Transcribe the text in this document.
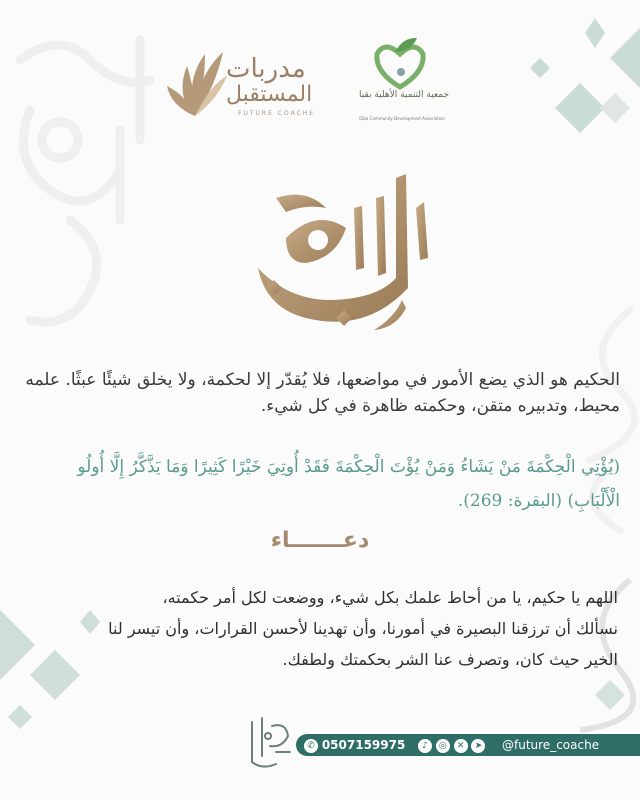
مدربات
المستقبل
FUTURE COACHE
جمعية التنمية الأهلية بقبا
Qiba Community Development Association
الحكيم
الحكيم هو الذي يضع الأمور في مواضعها، فلا يُقدّر إلا لحكمة، ولا يخلق شيئًا عبثًا. علمه محيط، وتدبيره متقن، وحكمته ظاهرة في كل شيء.
(يُؤْتِي الْحِكْمَةَ مَنْ يَشَاءُ وَمَنْ يُؤْتَ الْحِكْمَةَ فَقَدْ أُوتِيَ خَيْرًا كَثِيرًا وَمَا يَذَّكَّرُ إِلَّا أُولُو الْأَلْبَابِ) (البقرة: 269).
دعـــــــاء
اللهم يا حكيم، يا من أحاط علمك بكل شيء، ووضعت لكل أمر حكمته،
نسألك أن ترزقنا البصيرة في أمورنا، وأن تهدينا لأحسن القرارات، وأن تيسر لنا
الخير حيث كان، وتصرف عنا الشر بحكمتك ولطفك.
✆ 0507159975	♪ ◎ ✕ ➤ @future_coache
